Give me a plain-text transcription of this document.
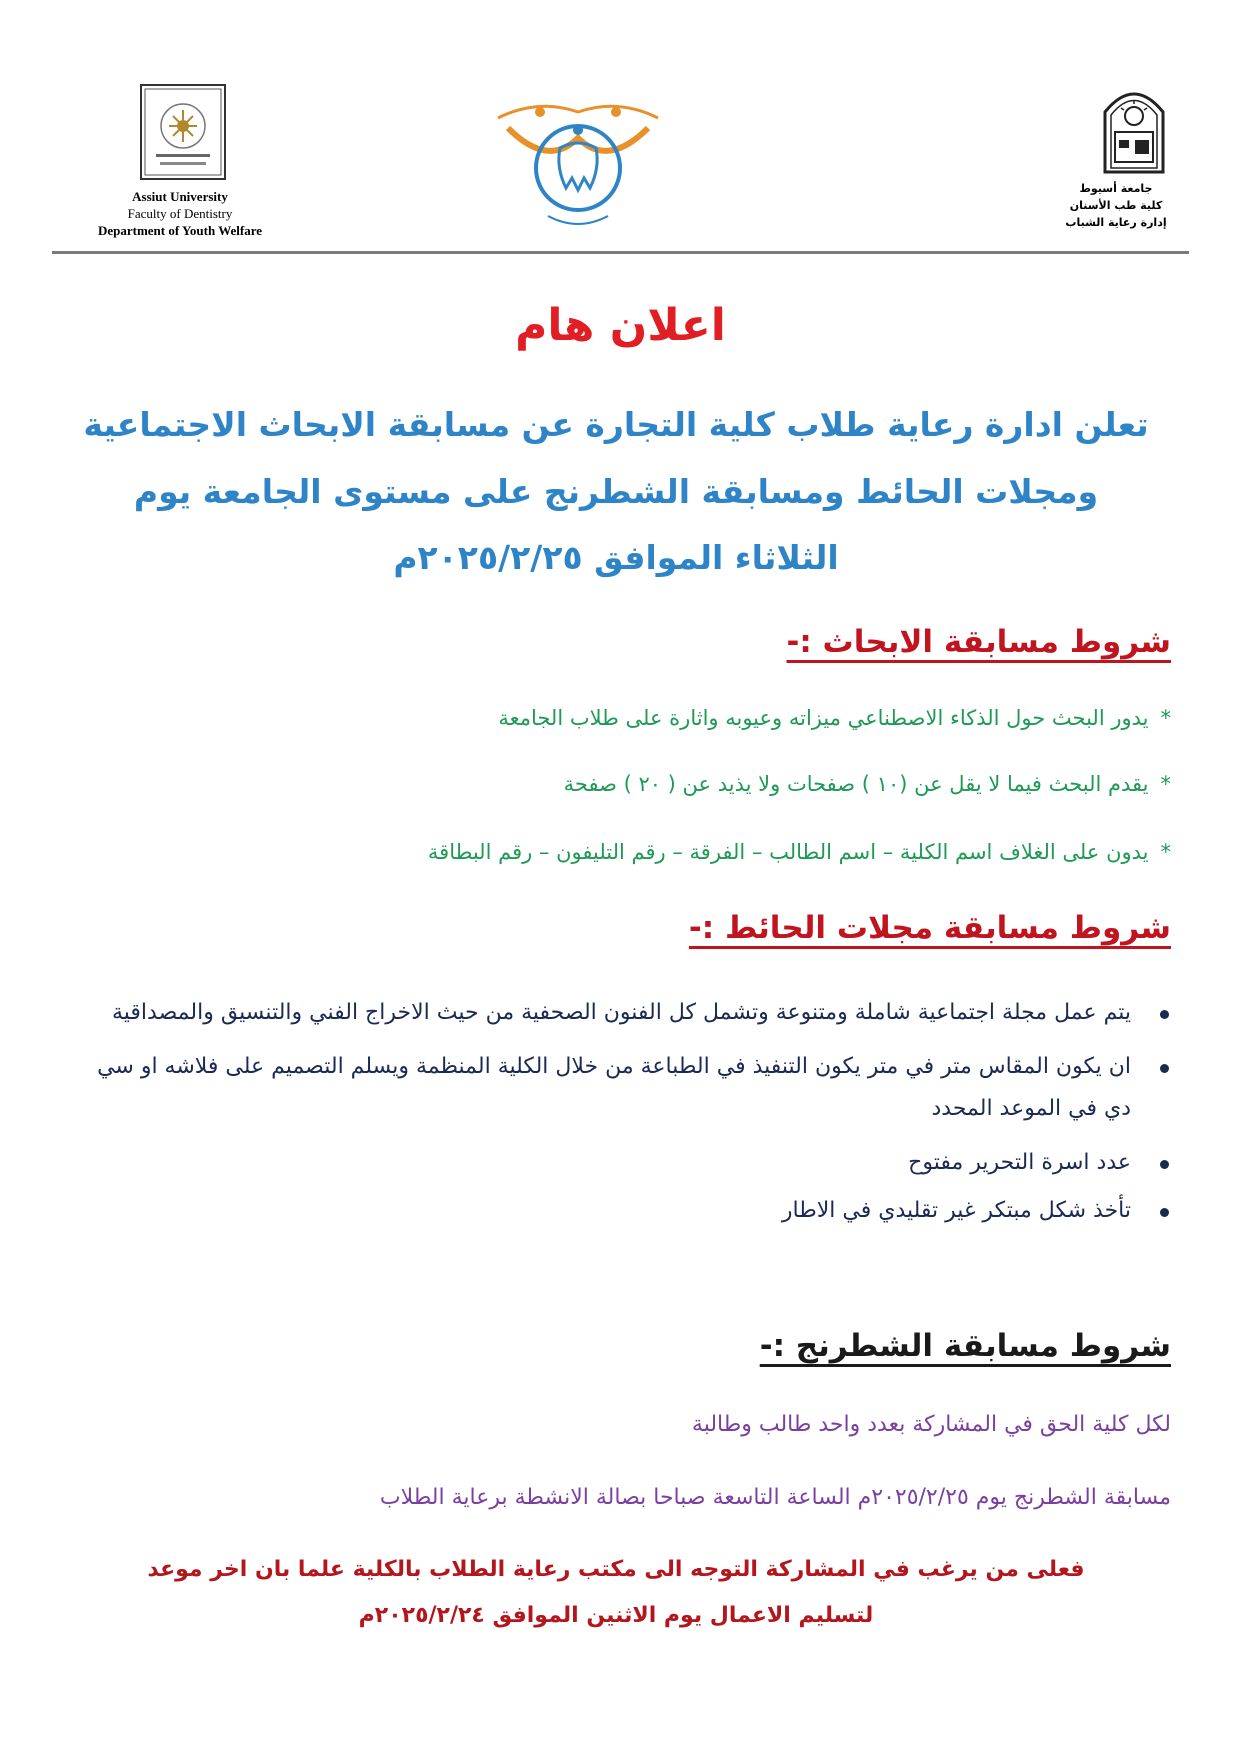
Assiut University
Faculty of Dentistry
Department of Youth Welfare
جامعة أسيوط
كلية طب الأسنان
إدارة رعاية الشباب
اعلان هام
تعلن ادارة رعاية طلاب كلية التجارة عن مسابقة الابحاث الاجتماعية
ومجلات الحائط ومسابقة الشطرنج على مستوى الجامعة يوم
الثلاثاء الموافق ٢٠٢٥/٢/٢٥م
شروط مسابقة الابحاث :-
*يدور البحث حول الذكاء الاصطناعي ميزاته وعيوبه واثارة على طلاب الجامعة
*يقدم البحث فيما لا يقل عن (١٠ ) صفحات ولا يذيد عن ( ٢٠ ) صفحة
*يدون على الغلاف اسم الكلية – اسم الطالب – الفرقة – رقم التليفون – رقم البطاقة
شروط مسابقة مجلات الحائط :-
يتم عمل مجلة اجتماعية شاملة ومتنوعة وتشمل كل الفنون الصحفية من حيث الاخراج الفني والتنسيق والمصداقية
ان يكون المقاس متر في متر يكون التنفيذ في الطباعة من خلال الكلية المنظمة ويسلم التصميم على فلاشه او سي دي في الموعد المحدد
عدد اسرة التحرير مفتوح
تأخذ شكل مبتكر غير تقليدي في الاطار
شروط مسابقة الشطرنج :-
لكل كلية الحق في المشاركة بعدد واحد طالب وطالبة
مسابقة الشطرنج يوم ٢٠٢٥/٢/٢٥م الساعة التاسعة صباحا بصالة الانشطة برعاية الطلاب
فعلى من يرغب في المشاركة التوجه الى مكتب رعاية الطلاب بالكلية علما بان اخر موعد
لتسليم الاعمال يوم الاثنين الموافق ٢٠٢٥/٢/٢٤م
